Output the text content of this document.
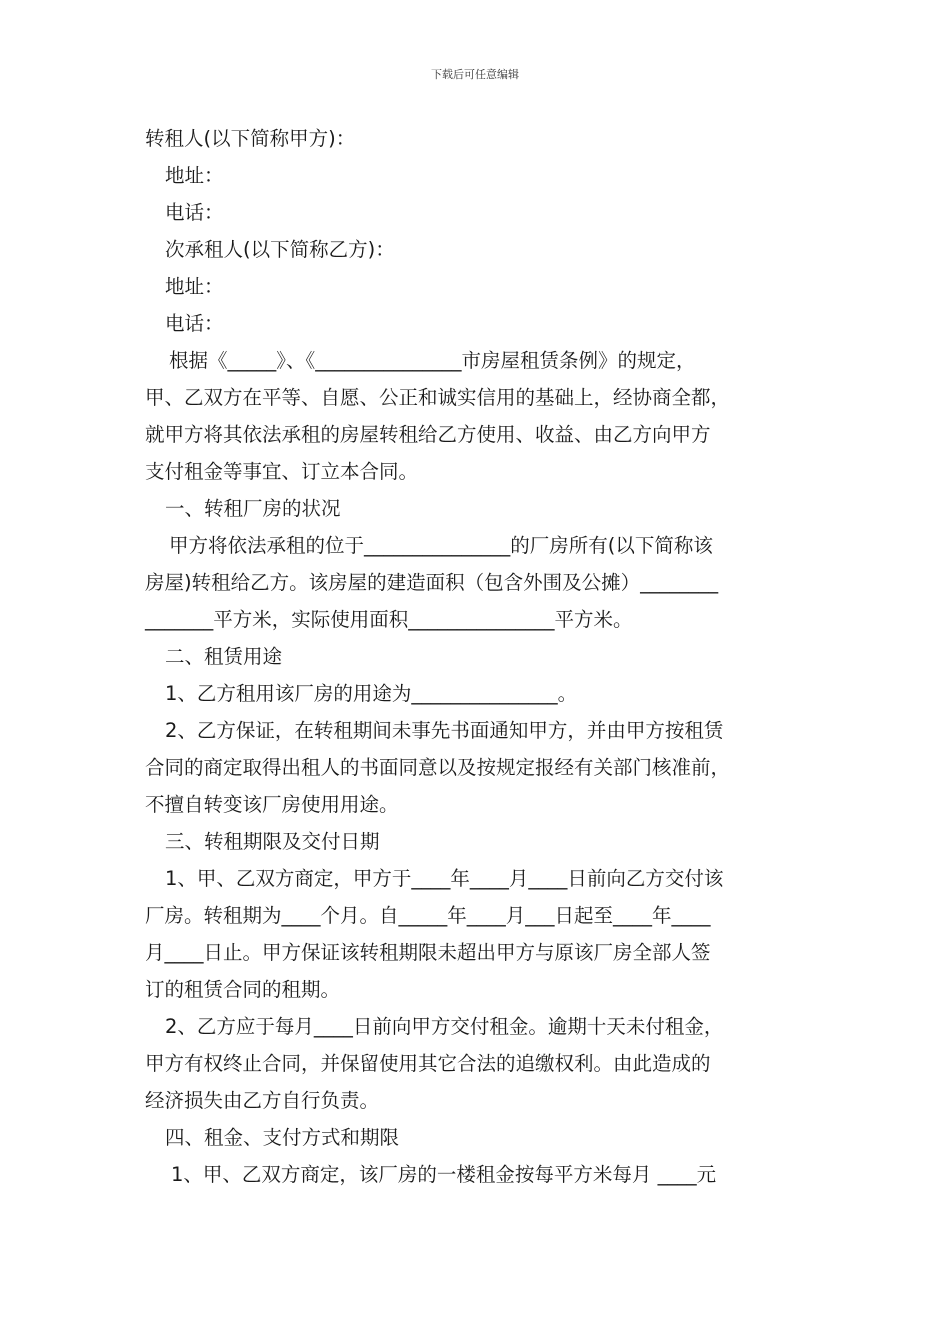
下载后可任意编辑
转租人(以下简称甲方)：
地址：
电话：
次承租人(以下简称乙方)：
地址：
电话：
根据《_____》、《_______________市房屋租赁条例》的规定，
甲、乙双方在平等、自愿、公正和诚实信用的基础上，经协商全都，
就甲方将其依法承租的房屋转租给乙方使用、收益、由乙方向甲方
支付租金等事宜、订立本合同。
一、转租厂房的状况
甲方将依法承租的位于_______________的厂房所有(以下简称该
房屋)转租给乙方。该房屋的建造面积（包含外围及公摊）________
_______平方米，实际使用面积_______________平方米。
二、租赁用途
1、乙方租用该厂房的用途为_______________。
2、乙方保证，在转租期间未事先书面通知甲方，并由甲方按租赁
合同的商定取得出租人的书面同意以及按规定报经有关部门核准前，
不擅自转变该厂房使用用途。
三、转租期限及交付日期
1、甲、乙双方商定，甲方于____年____月____日前向乙方交付该
厂房。转租期为____个月。自_____年____月___日起至____年____
月____日止。甲方保证该转租期限未超出甲方与原该厂房全部人签
订的租赁合同的租期。
2、乙方应于每月____日前向甲方交付租金。逾期十天未付租金，
甲方有权终止合同，并保留使用其它合法的追缴权利。由此造成的
经济损失由乙方自行负责。
四、租金、支付方式和期限
1、甲、乙双方商定，该厂房的一楼租金按每平方米每月 ____元
